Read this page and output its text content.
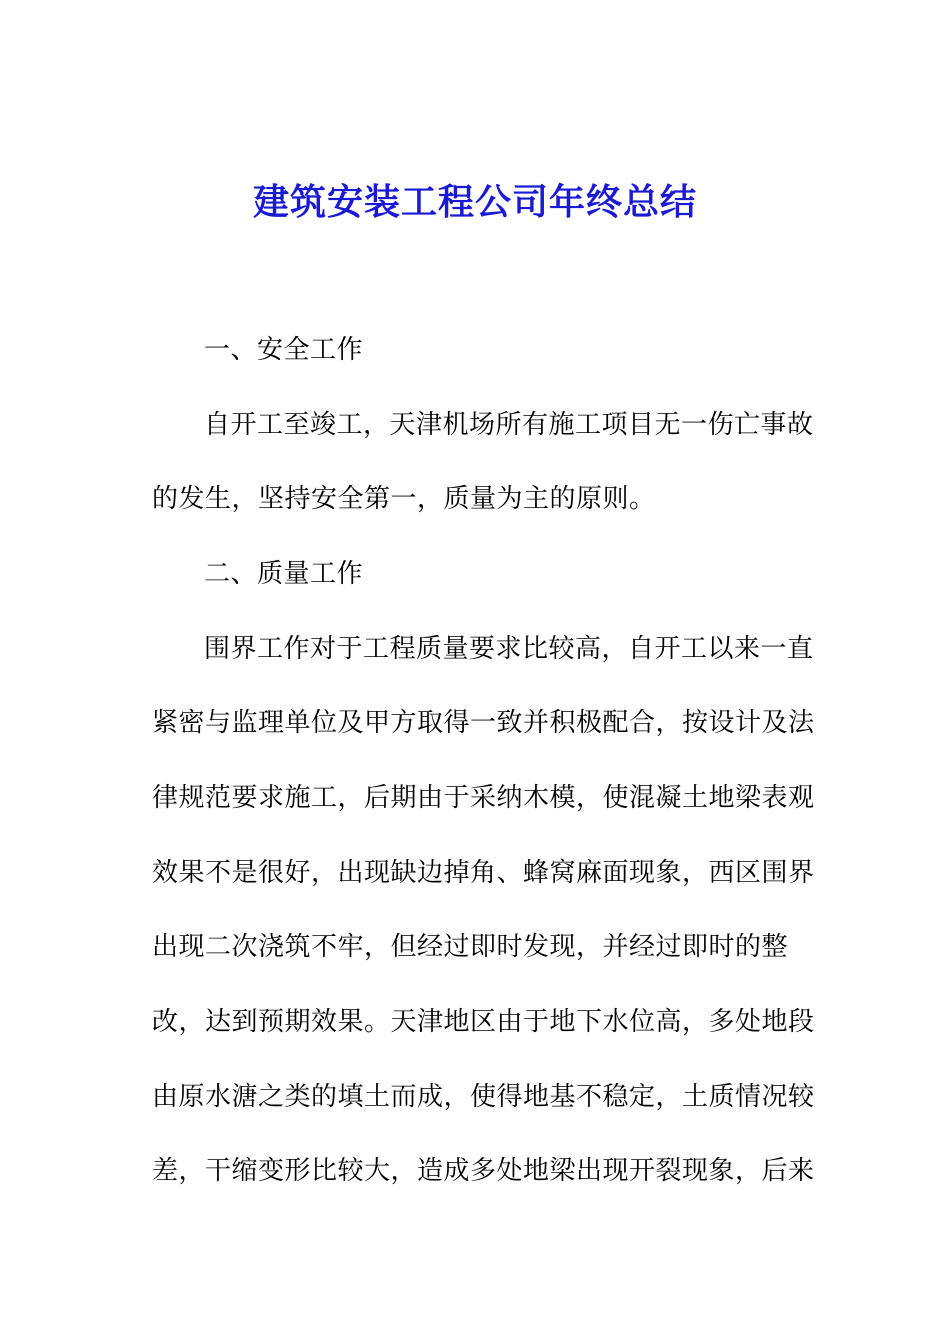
建筑安装工程公司年终总结
一、安全工作
自开工至竣工，天津机场所有施工项目无一伤亡事故
的发生，坚持安全第一，质量为主的原则。
二、质量工作
围界工作对于工程质量要求比较高，自开工以来一直
紧密与监理单位及甲方取得一致并积极配合，按设计及法
律规范要求施工，后期由于采纳木模，使混凝土地梁表观
效果不是很好，出现缺边掉角、蜂窝麻面现象，西区围界
出现二次浇筑不牢，但经过即时发现，并经过即时的整
改，达到预期效果。天津地区由于地下水位高，多处地段
由原水溏之类的填土而成，使得地基不稳定，土质情况较
差，干缩变形比较大，造成多处地梁出现开裂现象，后来
